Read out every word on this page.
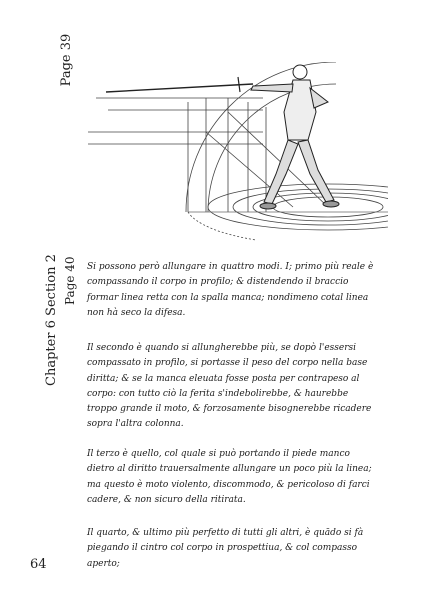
Page 39
Chapter 6 Section 2 Page 40 Si possono però allungare in quattro modi. I; primo più reale è compassando il corpo in profilo; & distendendo il braccio formar linea retta con la spalla manca; nondimeno cotal linea non hà seco la difesa.
Il secondo è quando si allungherebbe più, se dopò l'essersi compassato in profilo, si portasse il peso del corpo nella base diritta; & se la manca eleuata fosse posta per contrapeso al corpo: con tutto ciò la ferita s'indebolirebbe, & haurebbe troppo grande il moto, & forzosamente bisognerebbe ricadere sopra l'altra colonna.
Il terzo è quello, col quale si può portando il piede manco dietro al diritto trauersalmente allungare un poco più la linea; ma questo è moto violento, discommodo, & pericoloso di farci cadere, & non sicuro della ritirata.
Il quarto, & ultimo più perfetto di tutti gli altri, è quādo si fà piegando il cintro col corpo in prospettiua, & col compasso aperto;
64
